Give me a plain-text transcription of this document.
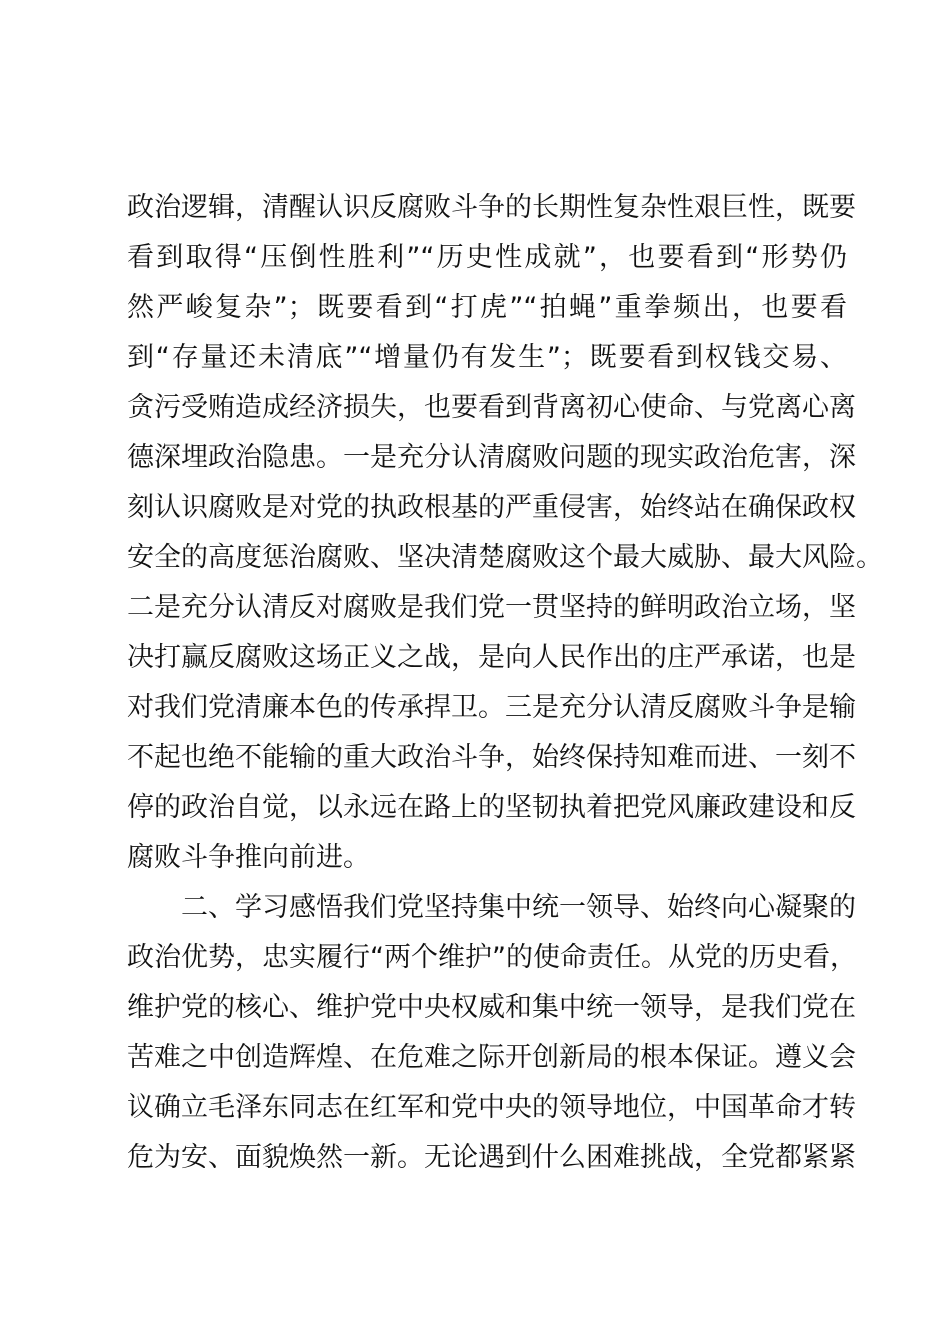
政治逻辑，清醒认识反腐败斗争的长期性复杂性艰巨性，既要
看到取得“压倒性胜利”“历史性成就”，也要看到“形势仍
然严峻复杂”；既要看到“打虎”“拍蝇”重拳频出，也要看
到“存量还未清底”“增量仍有发生”；既要看到权钱交易、
贪污受贿造成经济损失，也要看到背离初心使命、与党离心离
德深埋政治隐患。一是充分认清腐败问题的现实政治危害，深
刻认识腐败是对党的执政根基的严重侵害，始终站在确保政权
安全的高度惩治腐败、坚决清楚腐败这个最大威胁、最大风险。
二是充分认清反对腐败是我们党一贯坚持的鲜明政治立场，坚
决打赢反腐败这场正义之战，是向人民作出的庄严承诺，也是
对我们党清廉本色的传承捍卫。三是充分认清反腐败斗争是输
不起也绝不能输的重大政治斗争，始终保持知难而进、一刻不
停的政治自觉，以永远在路上的坚韧执着把党风廉政建设和反
腐败斗争推向前进。
二、学习感悟我们党坚持集中统一领导、始终向心凝聚的
政治优势，忠实履行“两个维护”的使命责任。从党的历史看，
维护党的核心、维护党中央权威和集中统一领导，是我们党在
苦难之中创造辉煌、在危难之际开创新局的根本保证。遵义会
议确立毛泽东同志在红军和党中央的领导地位，中国革命才转
危为安、面貌焕然一新。无论遇到什么困难挑战，全党都紧紧
